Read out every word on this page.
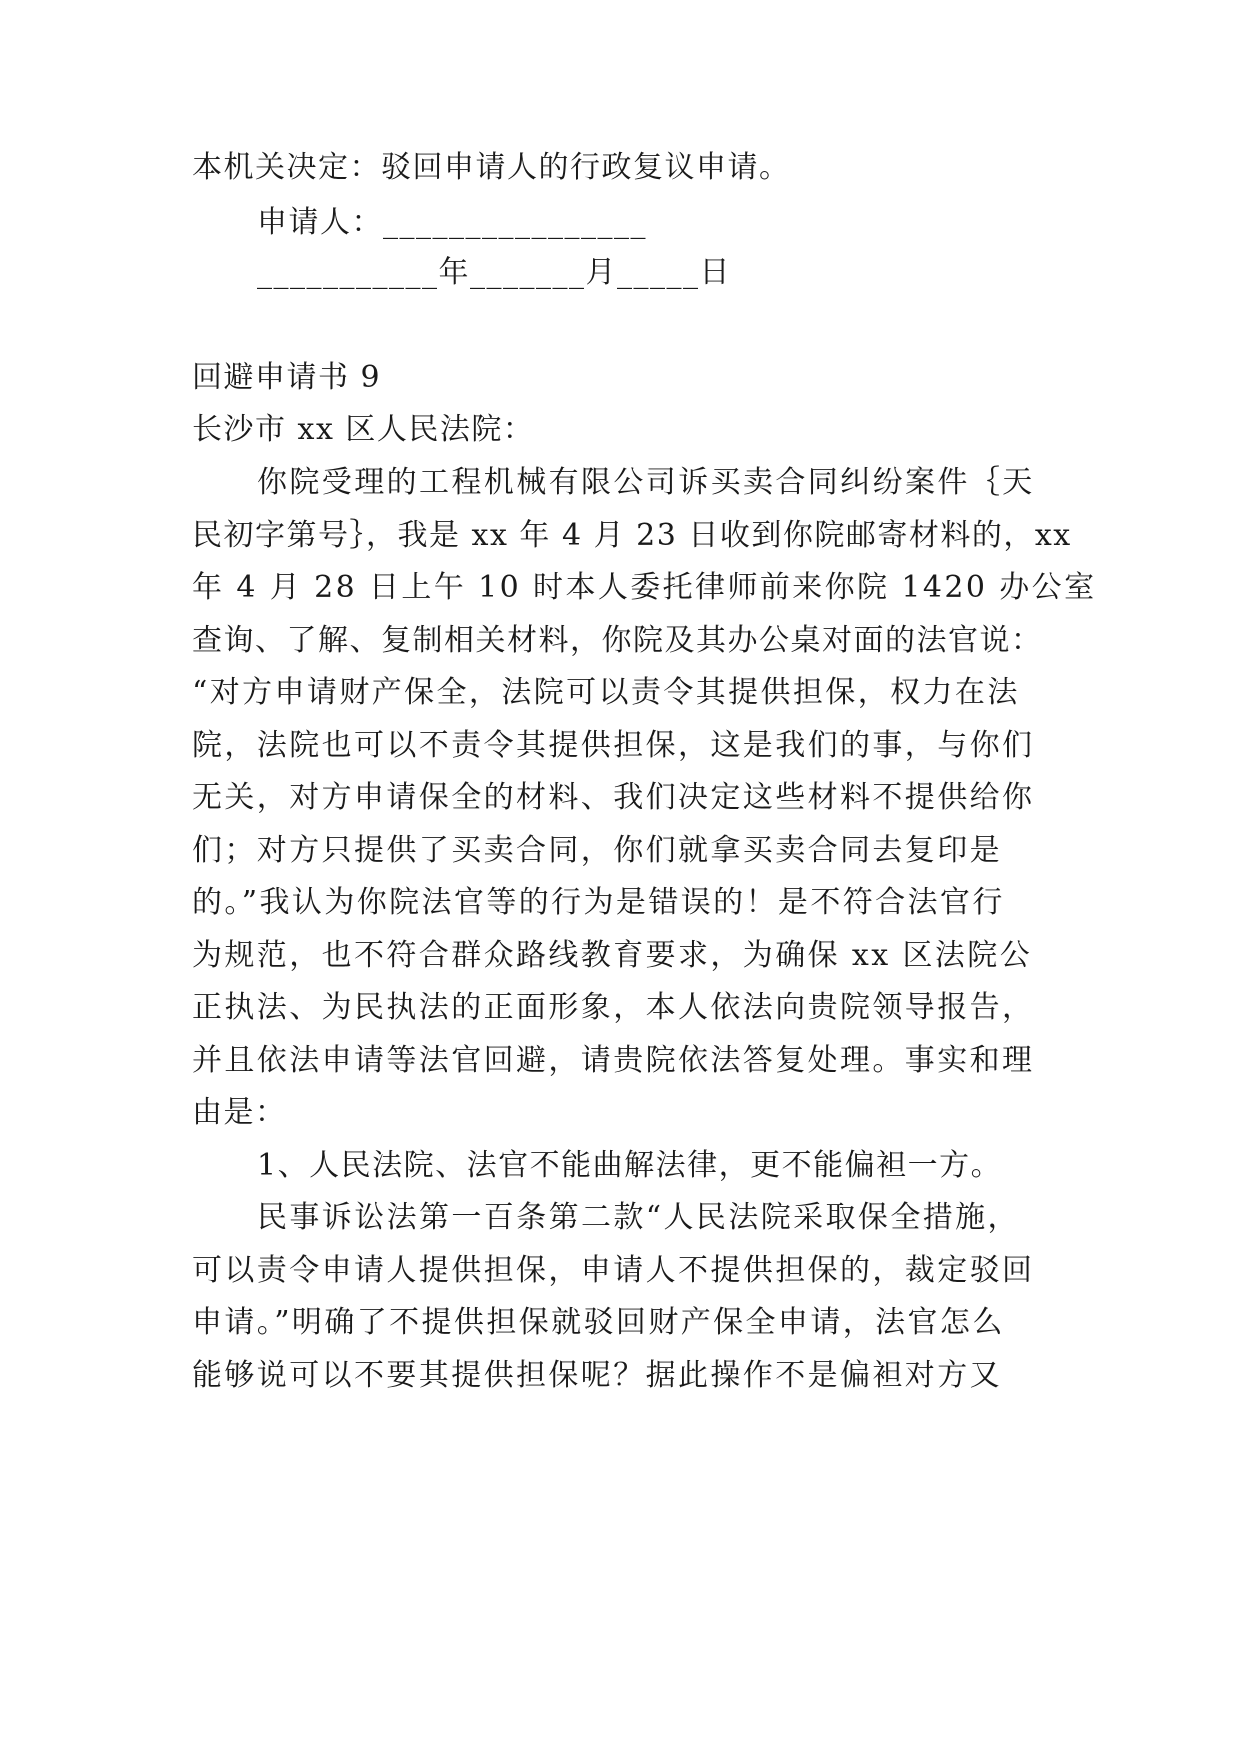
本机关决定：驳回申请人的行政复议申请。
申请人：________________
___________年_______月_____日
回避申请书 9
长沙市 xx 区人民法院：
你院受理的工程机械有限公司诉买卖合同纠纷案件｛天
民初字第号｝，我是 xx 年 4 月 23 日收到你院邮寄材料的，xx
年 4 月 28 日上午 10 时本人委托律师前来你院 1420 办公室
查询、了解、复制相关材料，你院及其办公桌对面的法官说：
“对方申请财产保全，法院可以责令其提供担保，权力在法
院，法院也可以不责令其提供担保，这是我们的事，与你们
无关，对方申请保全的材料、我们决定这些材料不提供给你
们；对方只提供了买卖合同，你们就拿买卖合同去复印是
的。”我认为你院法官等的行为是错误的！是不符合法官行
为规范，也不符合群众路线教育要求，为确保 xx 区法院公
正执法、为民执法的正面形象，本人依法向贵院领导报告，
并且依法申请等法官回避，请贵院依法答复处理。事实和理
由是：
1、人民法院、法官不能曲解法律，更不能偏袒一方。
民事诉讼法第一百条第二款“人民法院采取保全措施，
可以责令申请人提供担保，申请人不提供担保的，裁定驳回
申请。”明确了不提供担保就驳回财产保全申请，法官怎么
能够说可以不要其提供担保呢？据此操作不是偏袒对方又
